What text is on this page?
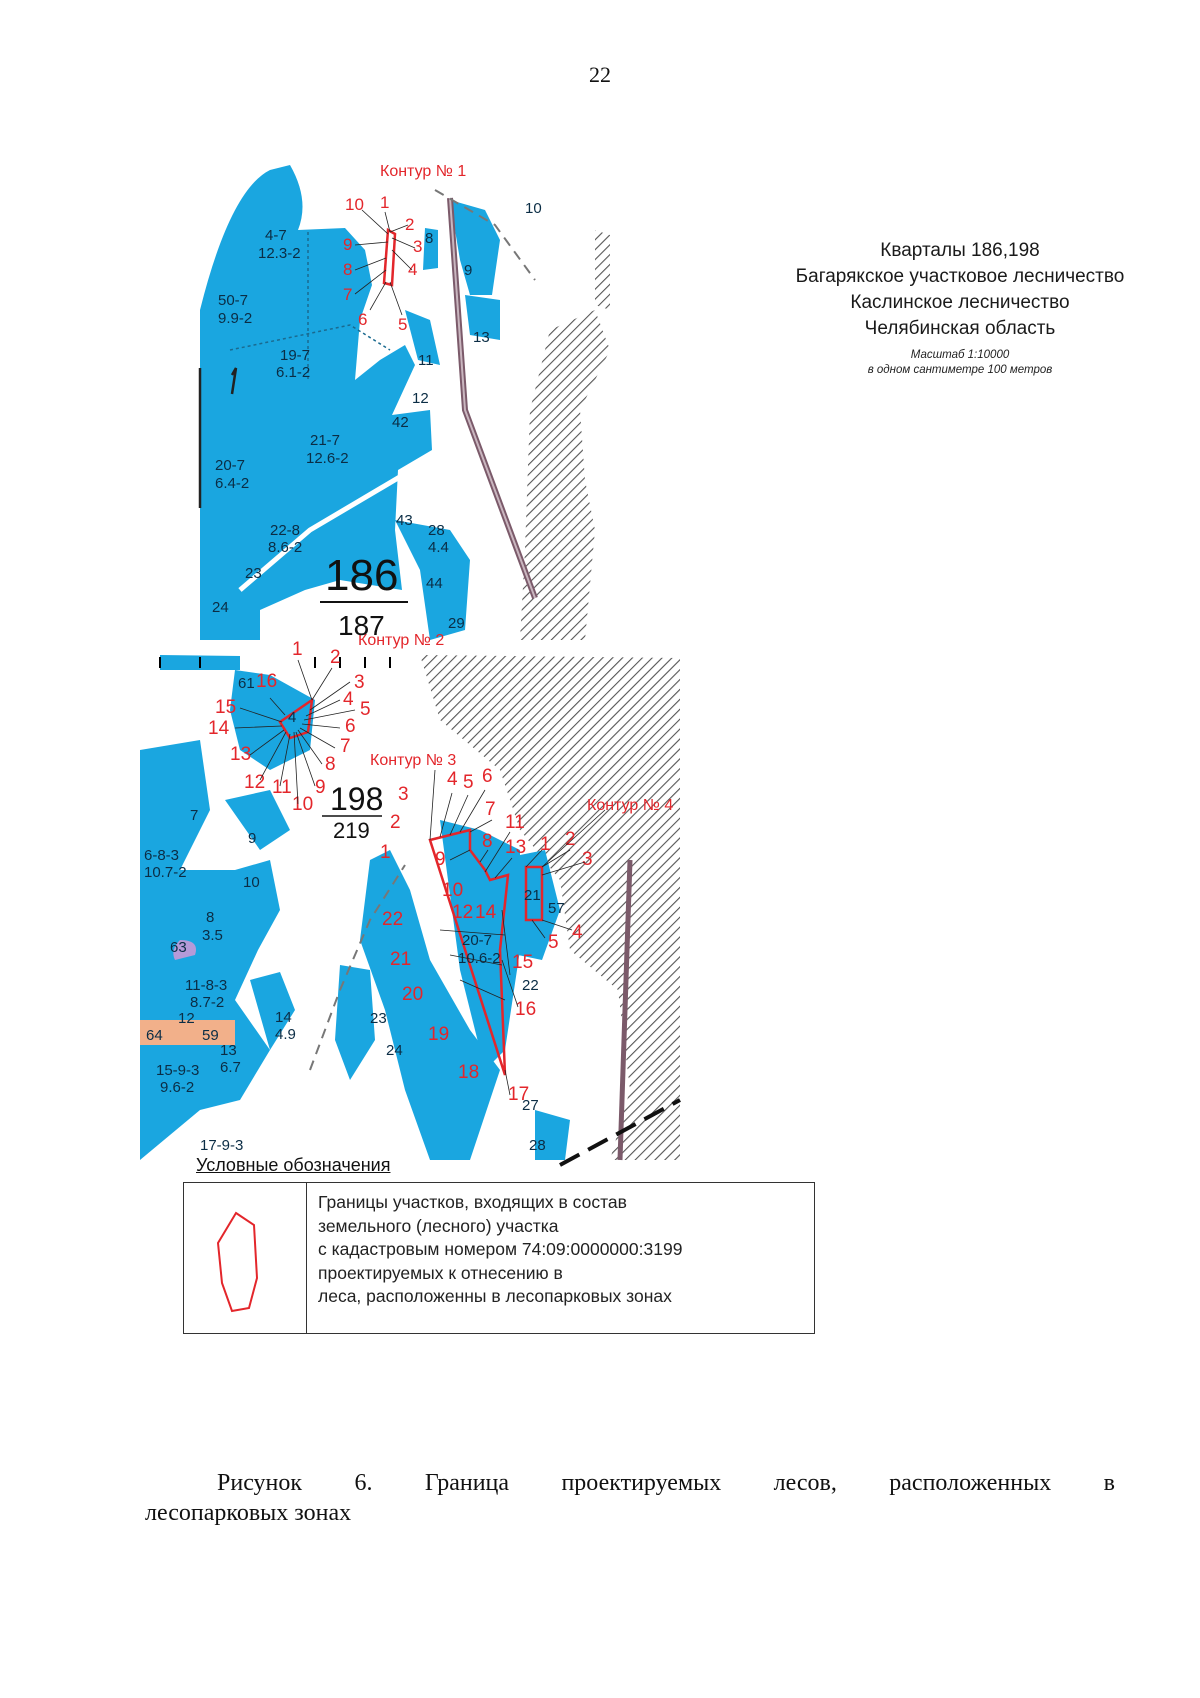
22
Контур № 1
Контур № 2
Контур № 3
Контур № 4
186
187
198
219
4-7
12.3-2
50-7
9.9-2
19-7
6.1-2
21-7
12.6-2
20-7
6.4-2
22-8
8.6-2
28
4.4
6-8-3
10.7-2
8
3.5
11-8-3
8.7-2
15-9-3
9.6-2
20-7
10.6-2
14
4.9
13
6.7
22
10
8
9
13
11
12
42
43
44
23
24
29
61
4
7
9
10
63
12
59
64
23
24
21
57
27
28
17-9-3
1
2
3
4
5
6
7
8
9
10
1 2
3
4 5
6
7
8
9
10
11
12
13
14
15
16
1
2
3
4 5 6
7
8
9
10
11
12
13
14
15
16
17
18
19
20
21
22
1 2
3
4
5
Кварталы 186,198
Багарякское участковое лесничество
Каслинское лесничество
Челябинская область
Масштаб 1:10000
в одном сантиметре 100 метров
Условные обозначения
Границы участков, входящих в состав
земельного (лесного) участка
с кадастровым номером 74:09:0000000:3199
проектируемых к отнесению в
леса, расположенны в лесопарковых зонах
Рисунок 6. Граница проектируемых лесов, расположенных в
лесопарковых зонах
